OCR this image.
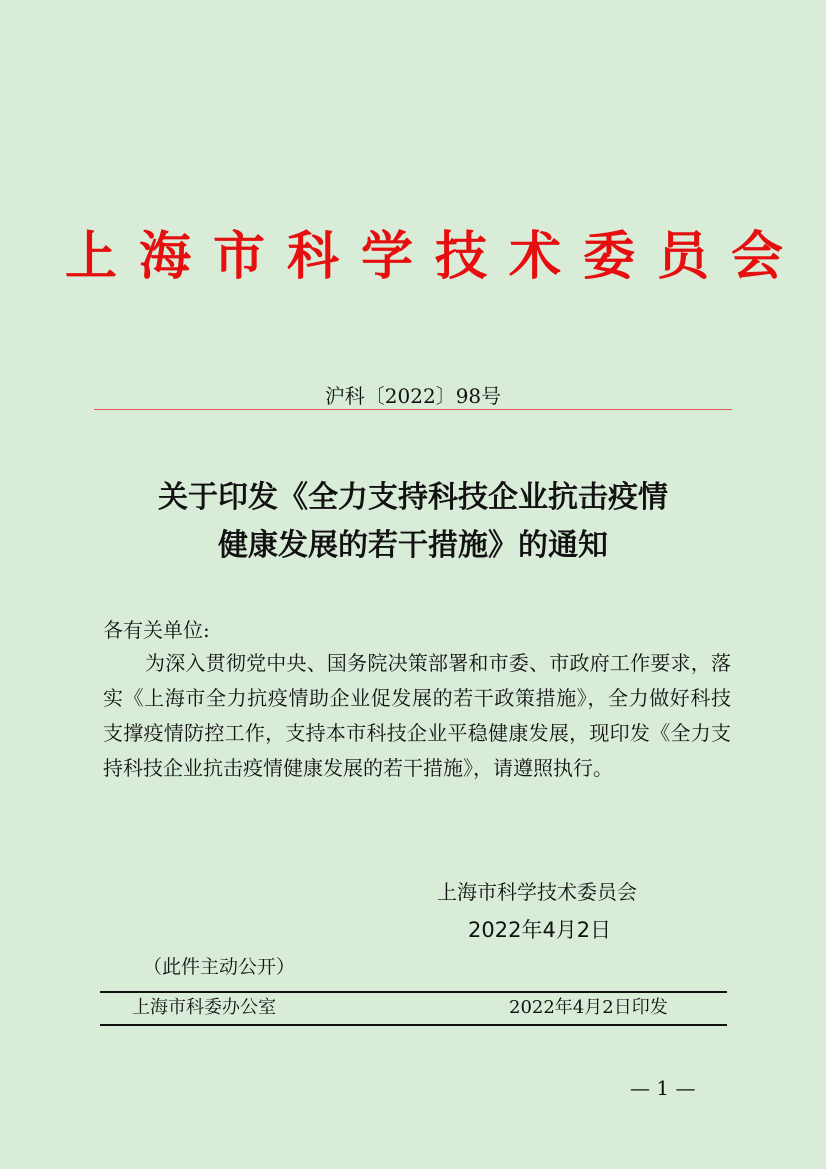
上海市科学技术委员会
沪科〔2022〕98号
关于印发《全力支持科技企业抗击疫情
健康发展的若干措施》的通知
各有关单位:
为深入贯彻党中央、国务院决策部署和市委、市政府工作要求，落实《上海市全力抗疫情助企业促发展的若干政策措施》，全力做好科技支撑疫情防控工作，支持本市科技企业平稳健康发展，现印发《全力支持科技企业抗击疫情健康发展的若干措施》，请遵照执行。
上海市科学技术委员会
2022年4月2日
（此件主动公开）
上海市科委办公室	2022年4月2日印发
— 1 —
